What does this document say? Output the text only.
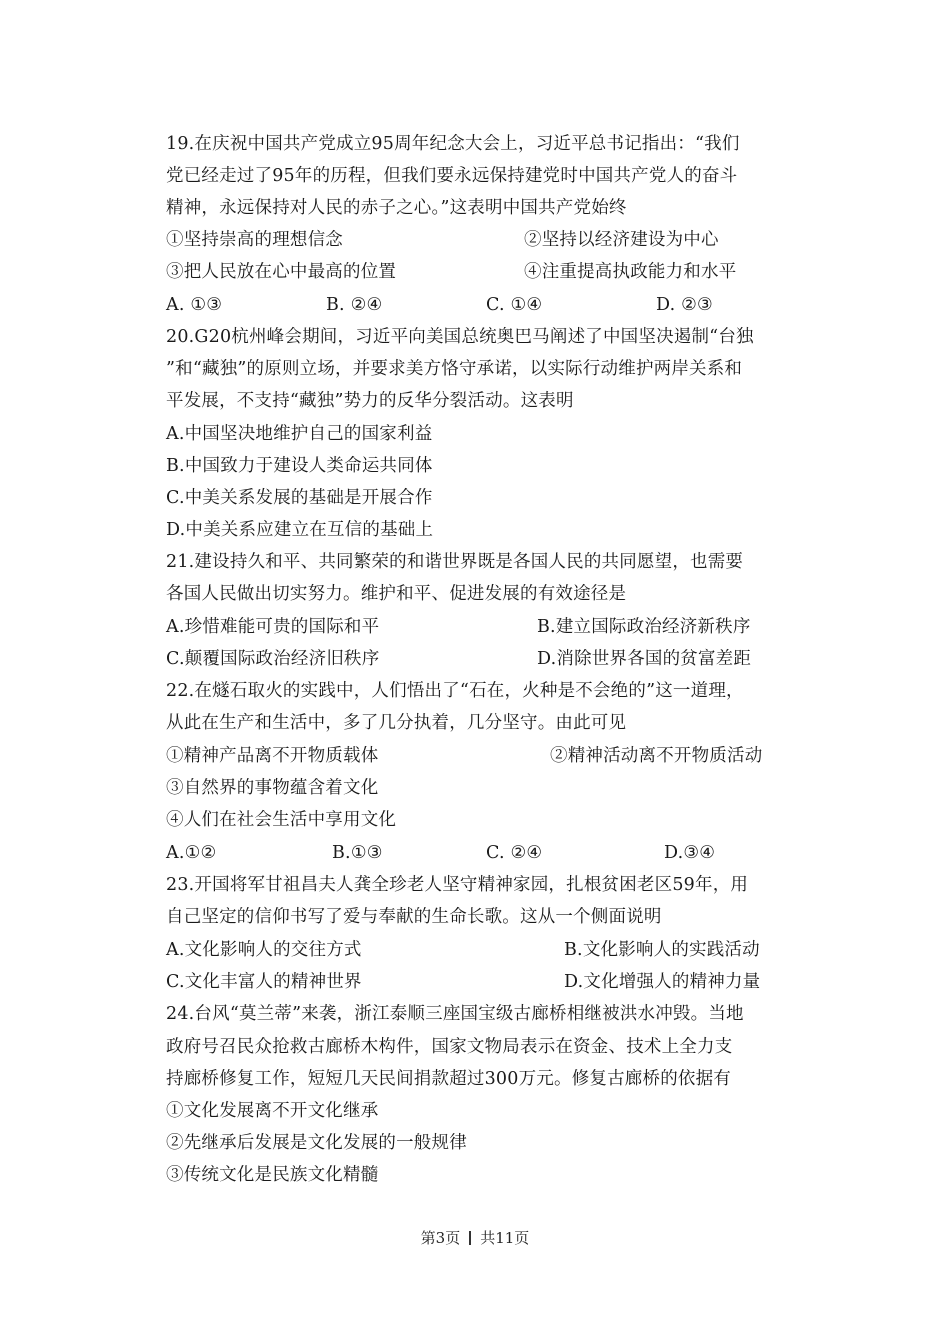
19.在庆祝中国共产党成立95周年纪念大会上，习近平总书记指出：“我们
党已经走过了95年的历程，但我们要永远保持建党时中国共产党人的奋斗
精神，永远保持对人民的赤子之心。”这表明中国共产党始终
①坚持崇高的理想信念	②坚持以经济建设为中心
③把人民放在心中最高的位置	④注重提高执政能力和水平
A. ①③	B. ②④	C. ①④	D. ②③
20.G20杭州峰会期间，习近平向美国总统奥巴马阐述了中国坚决遏制“台独
”和“藏独”的原则立场，并要求美方恪守承诺，以实际行动维护两岸关系和
平发展，不支持“藏独”势力的反华分裂活动。这表明
A.中国坚决地维护自己的国家利益
B.中国致力于建设人类命运共同体
C.中美关系发展的基础是开展合作
D.中美关系应建立在互信的基础上
21.建设持久和平、共同繁荣的和谐世界既是各国人民的共同愿望，也需要
各国人民做出切实努力。维护和平、促进发展的有效途径是
A.珍惜难能可贵的国际和平	B.建立国际政治经济新秩序
C.颠覆国际政治经济旧秩序	D.消除世界各国的贫富差距
22.在燧石取火的实践中，人们悟出了“石在，火种是不会绝的”这一道理，
从此在生产和生活中，多了几分执着，几分坚守。由此可见
①精神产品离不开物质载体	②精神活动离不开物质活动
③自然界的事物蕴含着文化
④人们在社会生活中享用文化
A.①②	B.①③	C. ②④	D.③④
23.开国将军甘祖昌夫人龚全珍老人坚守精神家园，扎根贫困老区59年，用
自己坚定的信仰书写了爱与奉献的生命长歌。这从一个侧面说明
A.文化影响人的交往方式	B.文化影响人的实践活动
C.文化丰富人的精神世界	D.文化增强人的精神力量
24.台风“莫兰蒂”来袭，浙江泰顺三座国宝级古廊桥相继被洪水冲毁。当地
政府号召民众抢救古廊桥木构件，国家文物局表示在资金、技术上全力支
持廊桥修复工作，短短几天民间捐款超过300万元。修复古廊桥的依据有
①文化发展离不开文化继承
②先继承后发展是文化发展的一般规律
③传统文化是民族文化精髓
第3页 共11页
